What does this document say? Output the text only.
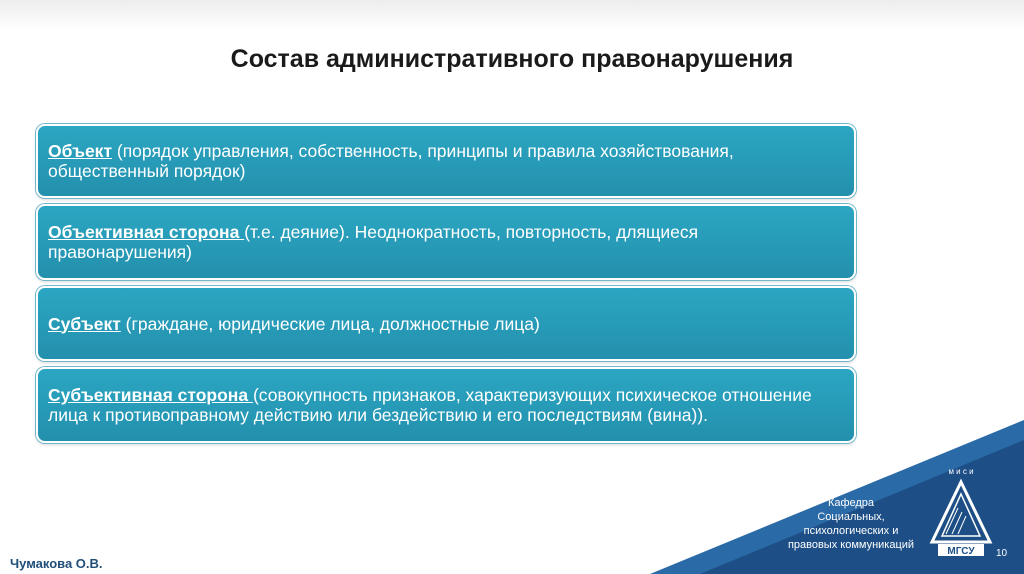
Состав административного правонарушения
Объект (порядок управления, собственность, принципы и правила хозяйствования, общественный порядок)
Объективная сторона (т.е. деяние). Неоднократность, повторность, длящиеся правонарушения)
Субъект (граждане, юридические лица, должностные лица)
Субъективная сторона (совокупность признаков, характеризующих психическое отношение лица к противоправному действию или бездействию и его последствиям (вина)).
Кафедра
Социальных,
психологических и
правовых коммуникаций
м и с и
МГСУ 10
Чумакова О.В.
